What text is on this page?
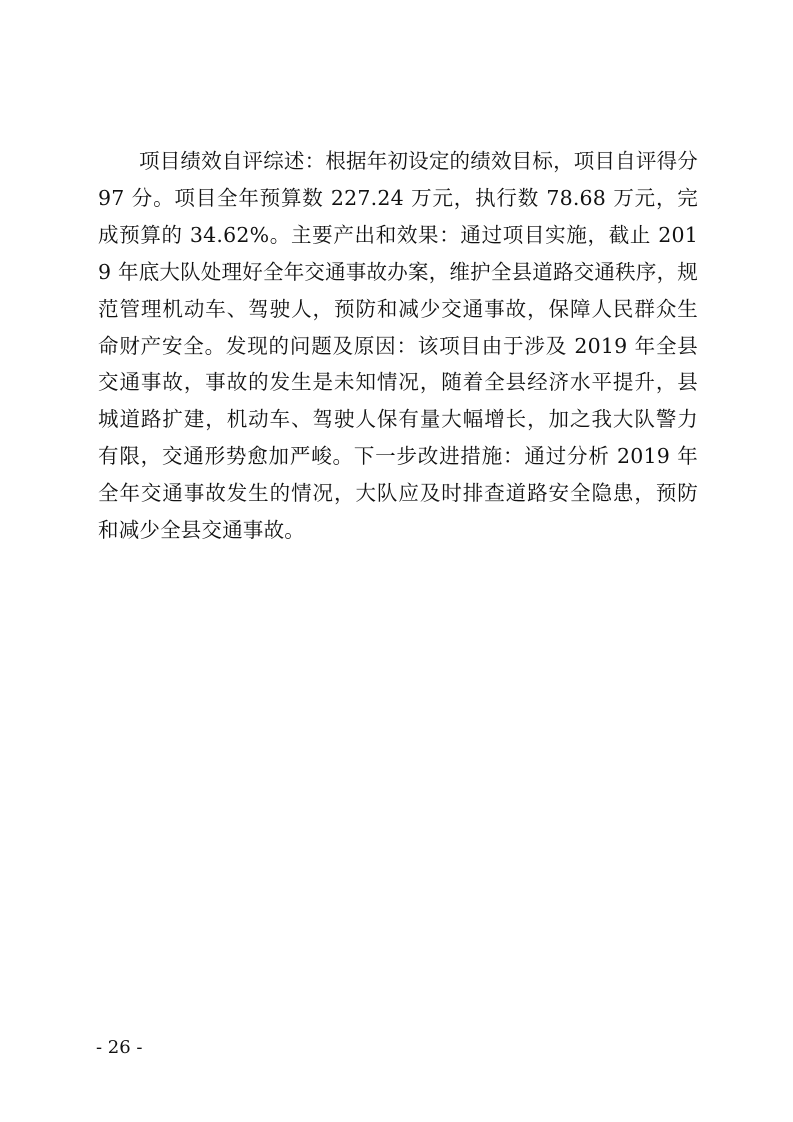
项目绩效自评综述：根据年初设定的绩效目标，项目自评得分 97 分。项目全年预算数 227.24 万元，执行数 78.68 万元，完成预算的 34.62%。主要产出和效果：通过项目实施，截止 2019 年底大队处理好全年交通事故办案，维护全县道路交通秩序，规范管理机动车、驾驶人，预防和减少交通事故，保障人民群众生命财产安全。发现的问题及原因：该项目由于涉及 2019 年全县交通事故，事故的发生是未知情况，随着全县经济水平提升，县城道路扩建，机动车、驾驶人保有量大幅增长，加之我大队警力有限，交通形势愈加严峻。下一步改进措施：通过分析 2019 年全年交通事故发生的情况，大队应及时排查道路安全隐患，预防和减少全县交通事故。

- 26 -
